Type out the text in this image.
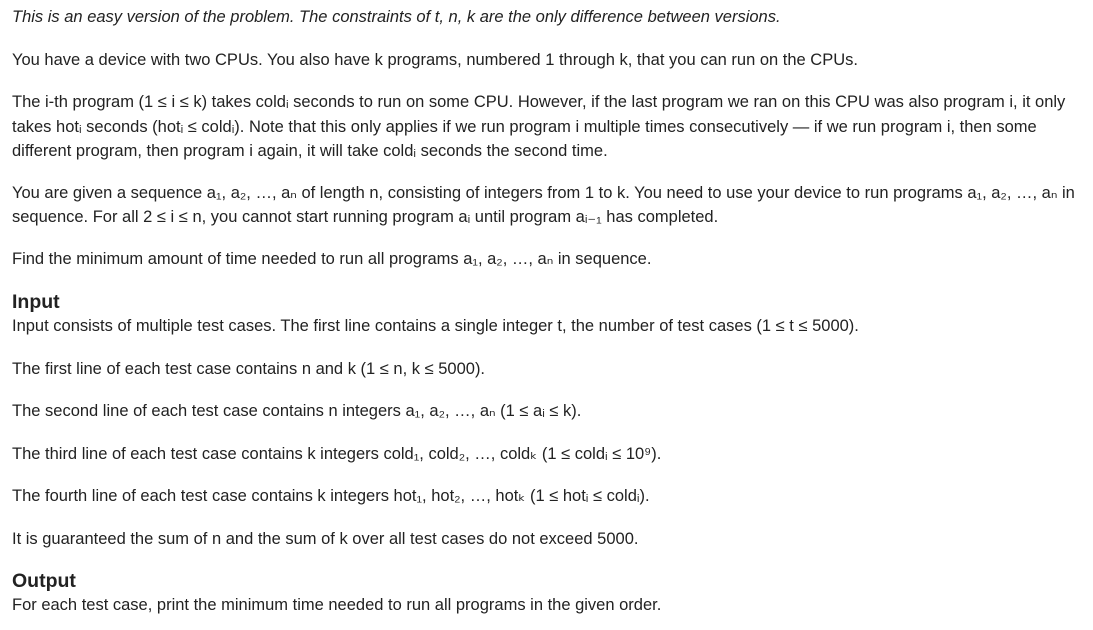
This is an easy version of the problem. The constraints of t, n, k are the only difference between versions.

You have a device with two CPUs. You also have k programs, numbered 1 through k, that you can run on the CPUs.

The i-th program (1 ≤ i ≤ k) takes coldᵢ seconds to run on some CPU. However, if the last program we ran on this CPU was also program i, it only takes hotᵢ seconds (hotᵢ ≤ coldᵢ). Note that this only applies if we run program i multiple times consecutively — if we run program i, then some different program, then program i again, it will take coldᵢ seconds the second time.

You are given a sequence a₁, a₂, …, aₙ of length n, consisting of integers from 1 to k. You need to use your device to run programs a₁, a₂, …, aₙ in sequence. For all 2 ≤ i ≤ n, you cannot start running program aᵢ until program aᵢ₋₁ has completed.

Find the minimum amount of time needed to run all programs a₁, a₂, …, aₙ in sequence.

Input

Input consists of multiple test cases. The first line contains a single integer t, the number of test cases (1 ≤ t ≤ 5000).

The first line of each test case contains n and k (1 ≤ n, k ≤ 5000).

The second line of each test case contains n integers a₁, a₂, …, aₙ (1 ≤ aᵢ ≤ k).

The third line of each test case contains k integers cold₁, cold₂, …, coldₖ (1 ≤ coldᵢ ≤ 10⁹).

The fourth line of each test case contains k integers hot₁, hot₂, …, hotₖ (1 ≤ hotᵢ ≤ coldᵢ).

It is guaranteed the sum of n and the sum of k over all test cases do not exceed 5000.

Output

For each test case, print the minimum time needed to run all programs in the given order.
